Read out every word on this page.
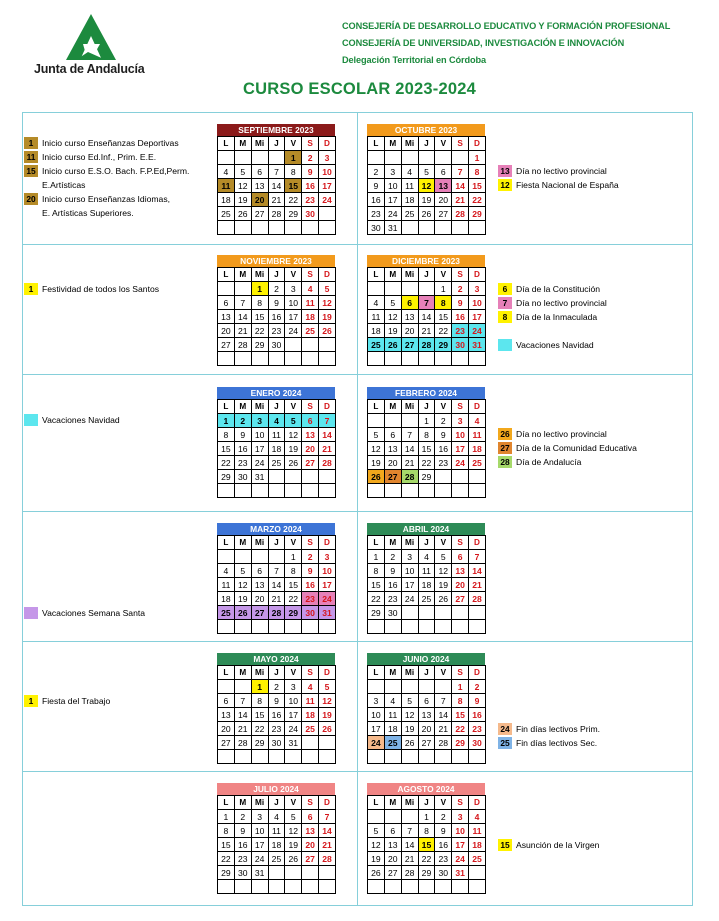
Junta de Andalucía
CONSEJERÍA DE DESARROLLO EDUCATIVO Y FORMACIÓN PROFESIONAL
CONSEJERÍA DE UNIVERSIDAD, INVESTIGACIÓN E INNOVACIÓN
Delegación Territorial en Córdoba
CURSO ESCOLAR 2023-2024
SEPTIEMBRE 2023
L	M	Mi	J	V	S	D
				1	2	3
4	5	6	7	8	9	10
11	12	13	14	15	16	17
18	19	20	21	22	23	24
25	26	27	28	29	30	

OCTUBRE 2023
L	M	Mi	J	V	S	D
						1
2	3	4	5	6	7	8
9	10	11	12	13	14	15
16	17	18	19	20	21	22
23	24	25	26	27	28	29
30	31					
NOVIEMBRE 2023
L	M	Mi	J	V	S	D
		1	2	3	4	5
6	7	8	9	10	11	12
13	14	15	16	17	18	19
20	21	22	23	24	25	26
27	28	29	30			

DICIEMBRE 2023
L	M	Mi	J	V	S	D
				1	2	3
4	5	6	7	8	9	10
11	12	13	14	15	16	17
18	19	20	21	22	23	24
25	26	27	28	29	30	31

ENERO 2024
L	M	Mi	J	V	S	D
1	2	3	4	5	6	7
8	9	10	11	12	13	14
15	16	17	18	19	20	21
22	23	24	25	26	27	28
29	30	31				

FEBRERO 2024
L	M	Mi	J	V	S	D
			1	2	3	4
5	6	7	8	9	10	11
12	13	14	15	16	17	18
19	20	21	22	23	24	25
26	27	28	29			

MARZO 2024
L	M	Mi	J	V	S	D
				1	2	3
4	5	6	7	8	9	10
11	12	13	14	15	16	17
18	19	20	21	22	23	24
25	26	27	28	29	30	31

ABRIL 2024
L	M	Mi	J	V	S	D
1	2	3	4	5	6	7
8	9	10	11	12	13	14
15	16	17	18	19	20	21
22	23	24	25	26	27	28
29	30					

MAYO 2024
L	M	Mi	J	V	S	D
		1	2	3	4	5
6	7	8	9	10	11	12
13	14	15	16	17	18	19
20	21	22	23	24	25	26
27	28	29	30	31		

JUNIO 2024
L	M	Mi	J	V	S	D
					1	2
3	4	5	6	7	8	9
10	11	12	13	14	15	16
17	18	19	20	21	22	23
24	25	26	27	28	29	30

JULIO 2024
L	M	Mi	J	V	S	D
1	2	3	4	5	6	7
8	9	10	11	12	13	14
15	16	17	18	19	20	21
22	23	24	25	26	27	28
29	30	31				

AGOSTO 2024
L	M	Mi	J	V	S	D
			1	2	3	4
5	6	7	8	9	10	11
12	13	14	15	16	17	18
19	20	21	22	23	24	25
26	27	28	29	30	31	

1	Inicio curso Enseñanzas Deportivas
11 Inicio curso Ed.Inf., Prim. E.E.
15 Inicio curso E.S.O. Bach. F.P.Ed,Perm.
E.Artísticas
20 Inicio curso Enseñanzas Idiomas,
E. Artísticas Superiores.
13 Día no lectivo provincial
12 Fiesta Nacional de España
1	Festividad de todos los Santos	6	Día de la Constitución
7	Día no lectivo provincial
8	Día de la Inmaculada
Vacaciones Navidad
Vacaciones Navidad
26 Día no lectivo provincial
27 Día de la Comunidad Educativa
28 Día de Andalucía
Vacaciones Semana Santa
1	Fiesta del Trabajo
24 Fin días lectivos Prim.
25 Fin días lectivos Sec.
15 Asunción de la Virgen
